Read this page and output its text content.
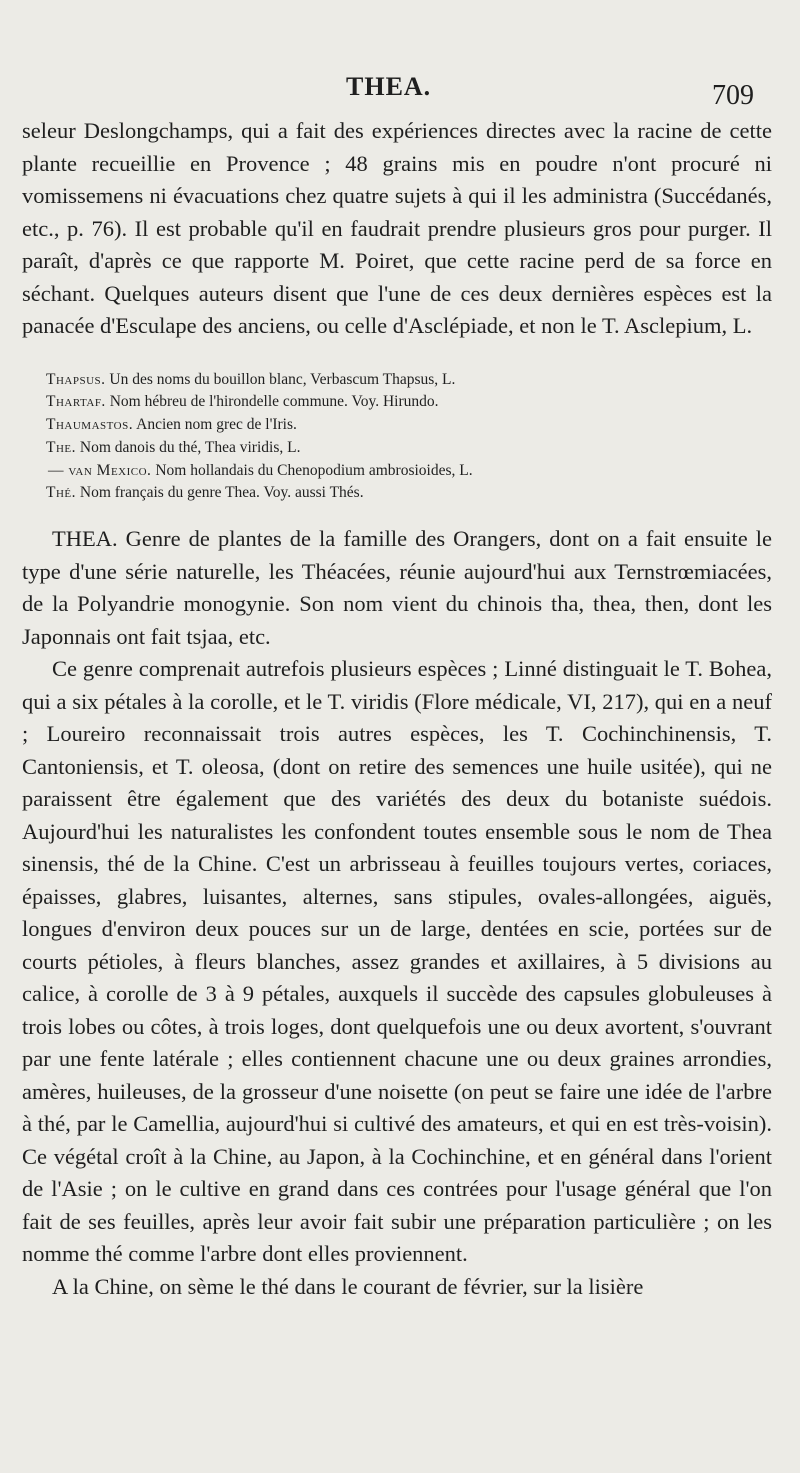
THEA.	709

seleur Deslongchamps, qui a fait des expériences directes avec la racine de cette plante recueillie en Provence ; 48 grains mis en poudre n'ont procuré ni vomissemens ni évacuations chez quatre sujets à qui il les administra (Succédanés, etc., p. 76). Il est probable qu'il en faudrait prendre plusieurs gros pour purger. Il paraît, d'après ce que rapporte M. Poiret, que cette racine perd de sa force en séchant. Quelques auteurs disent que l'une de ces deux dernières espèces est la panacée d'Esculape des anciens, ou celle d'Asclépiade, et non le T. Asclepium, L.

Thapsus. Un des noms du bouillon blanc, Verbascum Thapsus, L.
Thartaf. Nom hébreu de l'hirondelle commune. Voy. Hirundo.
Thaumastos. Ancien nom grec de l'Iris.
The. Nom danois du thé, Thea viridis, L.
— van Mexico. Nom hollandais du Chenopodium ambrosioides, L.
Thé. Nom français du genre Thea. Voy. aussi Thés.

THEA. Genre de plantes de la famille des Orangers, dont on a fait ensuite le type d'une série naturelle, les Théacées, réunie aujourd'hui aux Ternstrœmiacées, de la Polyandrie monogynie. Son nom vient du chinois tha, thea, then, dont les Japonnais ont fait tsjaa, etc.

Ce genre comprenait autrefois plusieurs espèces ; Linné distinguait le T. Bohea, qui a six pétales à la corolle, et le T. viridis (Flore médicale, VI, 217), qui en a neuf ; Loureiro reconnaissait trois autres espèces, les T. Cochinchinensis, T. Cantoniensis, et T. oleosa, (dont on retire des semences une huile usitée), qui ne paraissent être également que des variétés des deux du botaniste suédois. Aujourd'hui les naturalistes les confondent toutes ensemble sous le nom de Thea sinensis, thé de la Chine. C'est un arbrisseau à feuilles toujours vertes, coriaces, épaisses, glabres, luisantes, alternes, sans stipules, ovales-allongées, aiguës, longues d'environ deux pouces sur un de large, dentées en scie, portées sur de courts pétioles, à fleurs blanches, assez grandes et axillaires, à 5 divisions au calice, à corolle de 3 à 9 pétales, auxquels il succède des capsules globuleuses à trois lobes ou côtes, à trois loges, dont quelquefois une ou deux avortent, s'ouvrant par une fente latérale ; elles contiennent chacune une ou deux graines arrondies, amères, huileuses, de la grosseur d'une noisette (on peut se faire une idée de l'arbre à thé, par le Camellia, aujourd'hui si cultivé des amateurs, et qui en est très-voisin). Ce végétal croît à la Chine, au Japon, à la Cochinchine, et en général dans l'orient de l'Asie ; on le cultive en grand dans ces contrées pour l'usage général que l'on fait de ses feuilles, après leur avoir fait subir une préparation particulière ; on les nomme thé comme l'arbre dont elles proviennent.

A la Chine, on sème le thé dans le courant de février, sur la lisière
